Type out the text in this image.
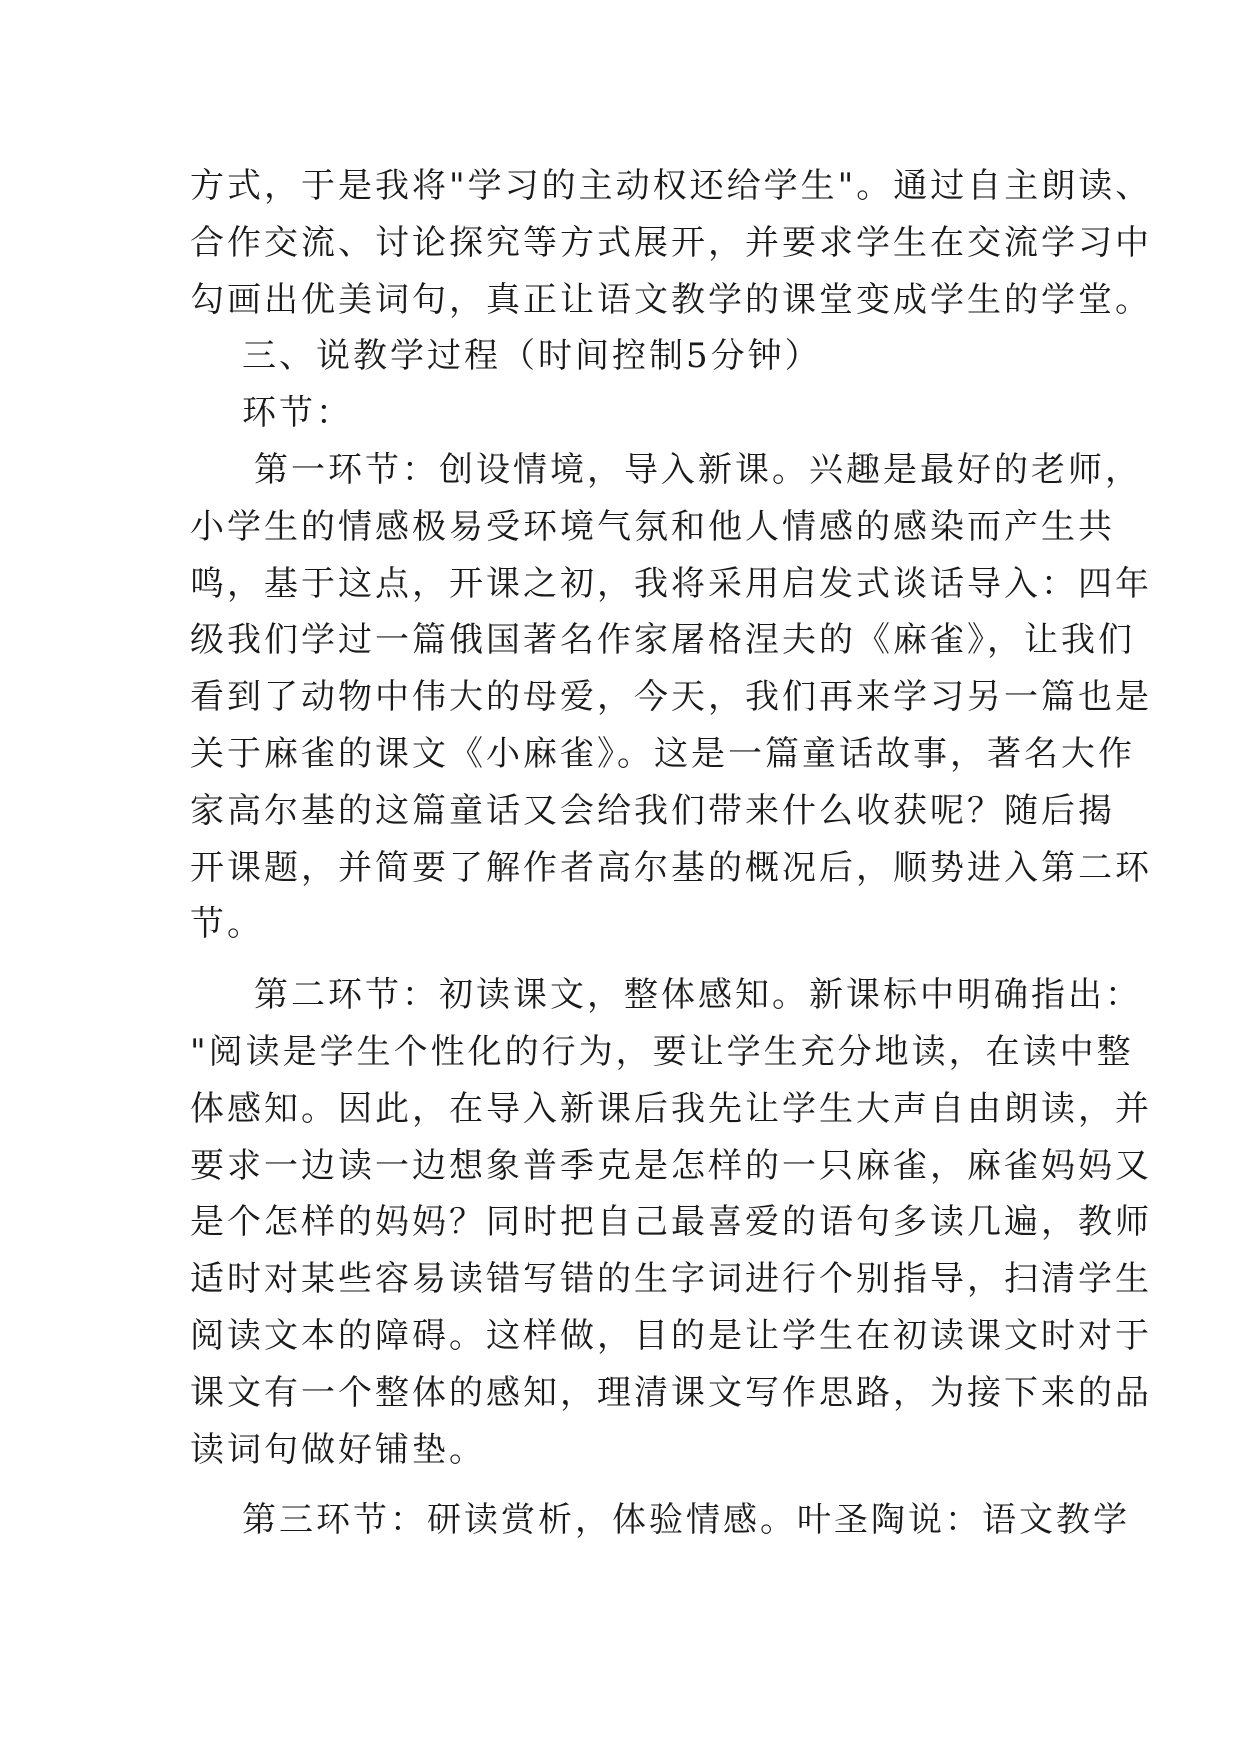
方式，于是我将"学习的主动权还给学生"。通过自主朗读、
合作交流、讨论探究等方式展开，并要求学生在交流学习中
勾画出优美词句，真正让语文教学的课堂变成学生的学堂。
三、说教学过程（时间控制5分钟）
环节：
第一环节：创设情境，导入新课。兴趣是最好的老师，
小学生的情感极易受环境气氛和他人情感的感染而产生共
鸣，基于这点，开课之初，我将采用启发式谈话导入：四年
级我们学过一篇俄国著名作家屠格涅夫的《麻雀》，让我们
看到了动物中伟大的母爱，今天，我们再来学习另一篇也是
关于麻雀的课文《小麻雀》。这是一篇童话故事，著名大作
家高尔基的这篇童话又会给我们带来什么收获呢？随后揭
开课题，并简要了解作者高尔基的概况后，顺势进入第二环
节。
第二环节：初读课文，整体感知。新课标中明确指出：
"阅读是学生个性化的行为，要让学生充分地读，在读中整
体感知。因此，在导入新课后我先让学生大声自由朗读，并
要求一边读一边想象普季克是怎样的一只麻雀，麻雀妈妈又
是个怎样的妈妈？同时把自己最喜爱的语句多读几遍，教师
适时对某些容易读错写错的生字词进行个别指导，扫清学生
阅读文本的障碍。这样做，目的是让学生在初读课文时对于
课文有一个整体的感知，理清课文写作思路，为接下来的品
读词句做好铺垫。
第三环节：研读赏析，体验情感。叶圣陶说：语文教学
